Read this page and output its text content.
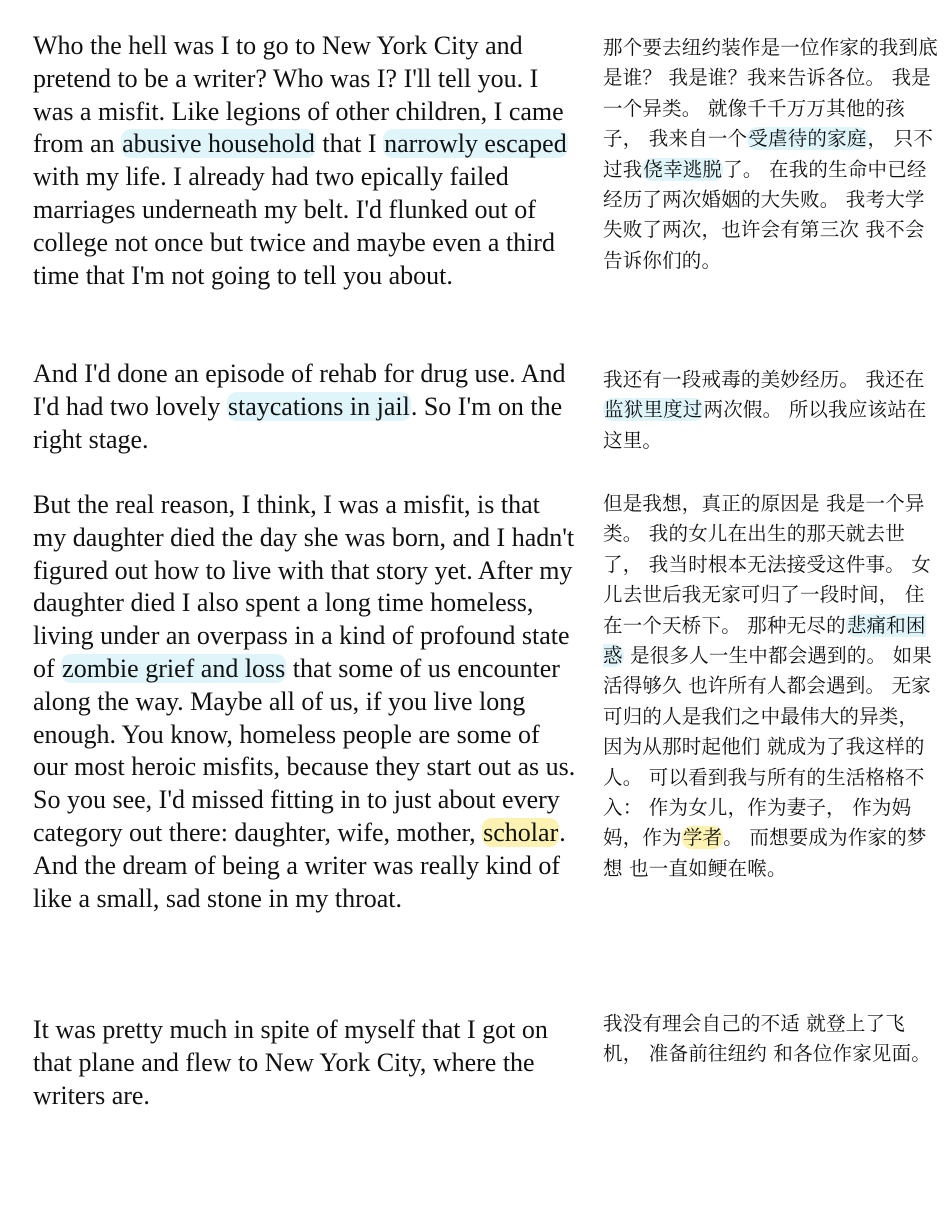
Who the hell was I to go to New York City and pretend to be a writer? Who was I? I'll tell you. I was a misfit. Like legions of other children, I came from an abusive household that I narrowly escaped with my life. I already had two epically failed marriages underneath my belt. I'd flunked out of college not once but twice and maybe even a third time that I'm not going to tell you about.

那个要去纽约装作是一位作家的我到底是谁？ 我是谁？我来告诉各位。 我是一个异类。 就像千千万万其他的孩子， 我来自一个受虐待的家庭， 只不过我侥幸逃脱了。 在我的生命中已经 经历了两次婚姻的大失败。 我考大学失败了两次，也许会有第三次 我不会告诉你们的。

And I'd done an episode of rehab for drug use. And I'd had two lovely staycations in jail. So I'm on the right stage.

我还有一段戒毒的美妙经历。 我还在监狱里度过两次假。 所以我应该站在这里。

But the real reason, I think, I was a misfit, is that my daughter died the day she was born, and I hadn't figured out how to live with that story yet. After my daughter died I also spent a long time homeless, living under an overpass in a kind of profound state of zombie grief and loss that some of us encounter along the way. Maybe all of us, if you live long enough. You know, homeless people are some of our most heroic misfits, because they start out as us. So you see, I'd missed fitting in to just about every category out there: daughter, wife, mother, scholar. And the dream of being a writer was really kind of like a small, sad stone in my throat.

但是我想，真正的原因是 我是一个异类。 我的女儿在出生的那天就去世了， 我当时根本无法接受这件事。 女儿去世后我无家可归了一段时间， 住在一个天桥下。 那种无尽的悲痛和困惑 是很多人一生中都会遇到的。 如果活得够久 也许所有人都会遇到。 无家可归的人是我们之中最伟大的异类， 因为从那时起他们 就成为了我这样的人。 可以看到我与所有的生活格格不入： 作为女儿，作为妻子， 作为妈妈，作为学者。 而想要成为作家的梦想 也一直如鲠在喉。

It was pretty much in spite of myself that I got on that plane and flew to New York City, where the writers are.

我没有理会自己的不适 就登上了飞机， 准备前往纽约 和各位作家见面。
